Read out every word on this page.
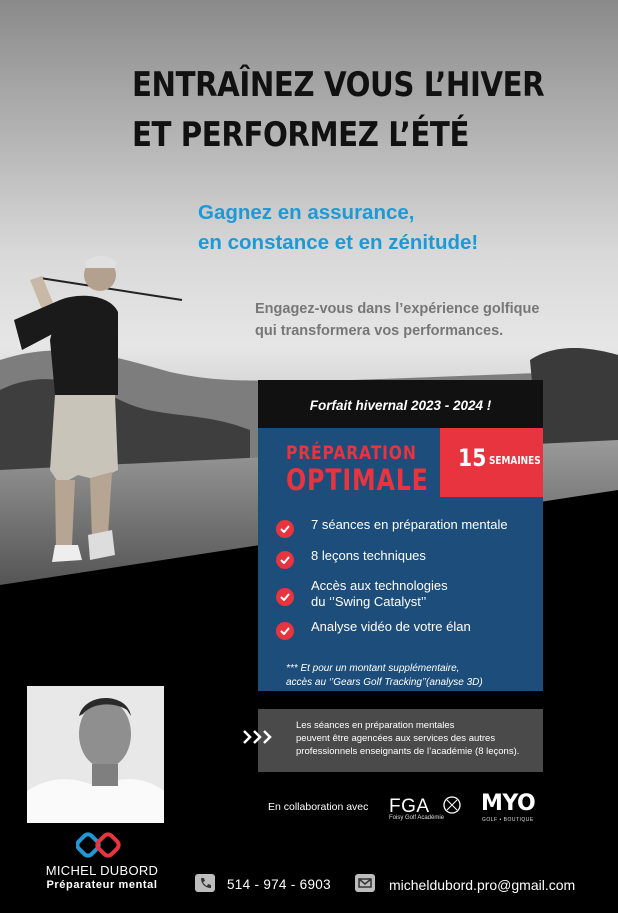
ENTRAÎNEZ VOUS L’HIVER
ET PERFORMEZ L’ÉTÉ
Gagnez en assurance,
en constance et en zénitude!
Engagez-vous dans l’expérience golfique
qui transformera vos performances.
Forfait hivernal 2023 - 2024 !
PRÉPARATION
OPTIMALE
15 SEMAINES
7 séances en préparation mentale
8 leçons techniques
Accès aux technologies
du ‘’Swing Catalyst’’
Analyse vidéo de votre élan
*** Et pour un montant supplémentaire,
accès au ‘’Gears Golf Tracking’’(analyse 3D)
Les séances en préparation mentales
peuvent être agencées aux services des autres
professionnels enseignants de l’académie (8 leçons).
MICHEL DUBORD
Préparateur mental
En collaboration avec FGA
Foisy Golf Académie
MYO
GOLF • BOUTIQUE
514 - 974 - 6903	micheldubord.pro@gmail.com
